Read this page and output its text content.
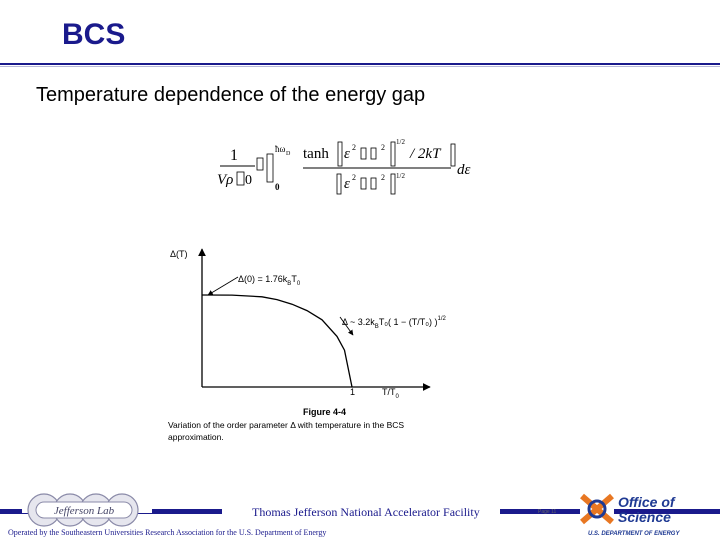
BCS
Temperature dependence of the energy gap
1
Vρ 0
ħω D
0
tanh ε 2	2
1/2
/ 2kT
dε
ε 2	2 1/2
Δ(T)
$\Delta(0) = 1.76k_BT_0$
Δ ~ $3.2k_BT_0$( 1 − (T/T₀) )$^{1/2}$
1	$T/T_0$
Figure 4-4
Variation of the order parameter Δ with temperature in the BCS
approximation.
Jefferson Lab	Thomas Jefferson National Accelerator Facility
Operated by the Southeastern Universities Research Association for the U.S. Department of Energy
Page 11
Office of
Science
U.S. DEPARTMENT OF ENERGY
